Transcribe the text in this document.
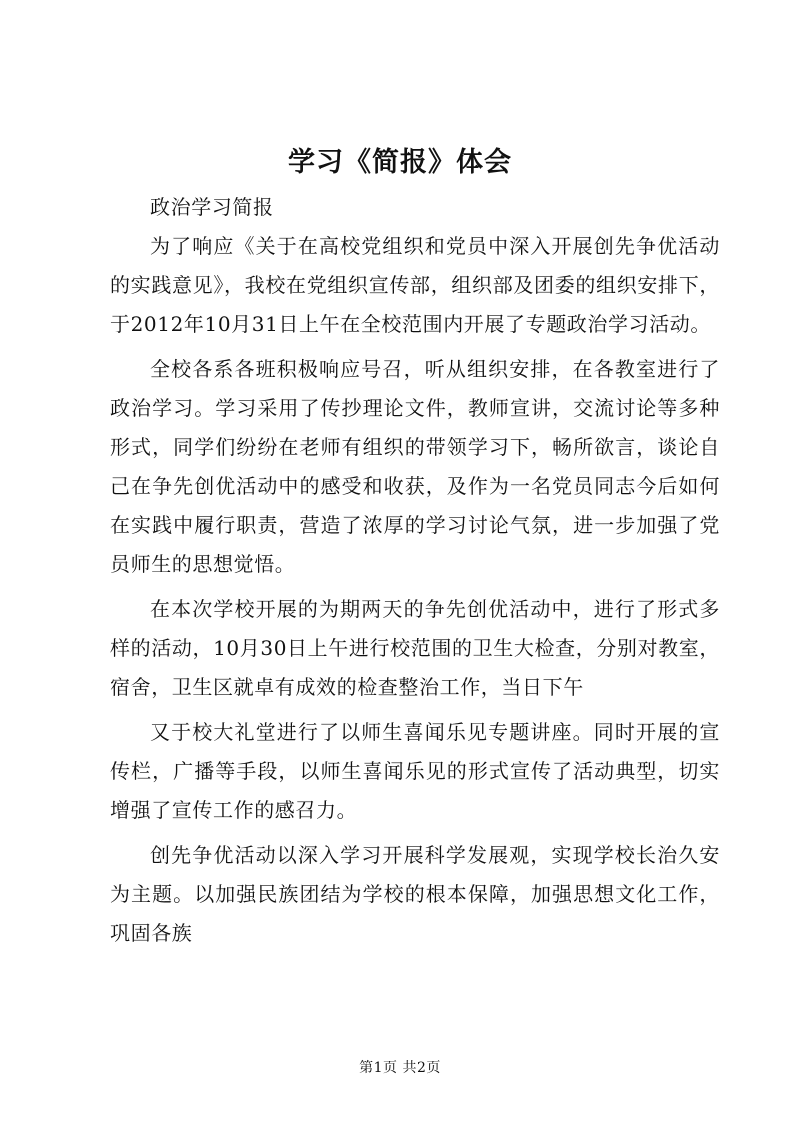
学习《简报》体会

政治学习简报

为了响应《关于在高校党组织和党员中深入开展创先争优活动的实践意见》，我校在党组织宣传部，组织部及团委的组织安排下，于2012年10月31日上午在全校范围内开展了专题政治学习活动。

全校各系各班积极响应号召，听从组织安排，在各教室进行了政治学习。学习采用了传抄理论文件，教师宣讲，交流讨论等多种形式，同学们纷纷在老师有组织的带领学习下，畅所欲言，谈论自己在争先创优活动中的感受和收获，及作为一名党员同志今后如何在实践中履行职责，营造了浓厚的学习讨论气氛，进一步加强了党员师生的思想觉悟。

在本次学校开展的为期两天的争先创优活动中，进行了形式多样的活动，10月30日上午进行校范围的卫生大检查，分别对教室，宿舍，卫生区就卓有成效的检查整治工作，当日下午

又于校大礼堂进行了以师生喜闻乐见专题讲座。同时开展的宣传栏，广播等手段，以师生喜闻乐见的形式宣传了活动典型，切实增强了宣传工作的感召力。

创先争优活动以深入学习开展科学发展观，实现学校长治久安为主题。以加强民族团结为学校的根本保障，加强思想文化工作，巩固各族

第1页 共2页
